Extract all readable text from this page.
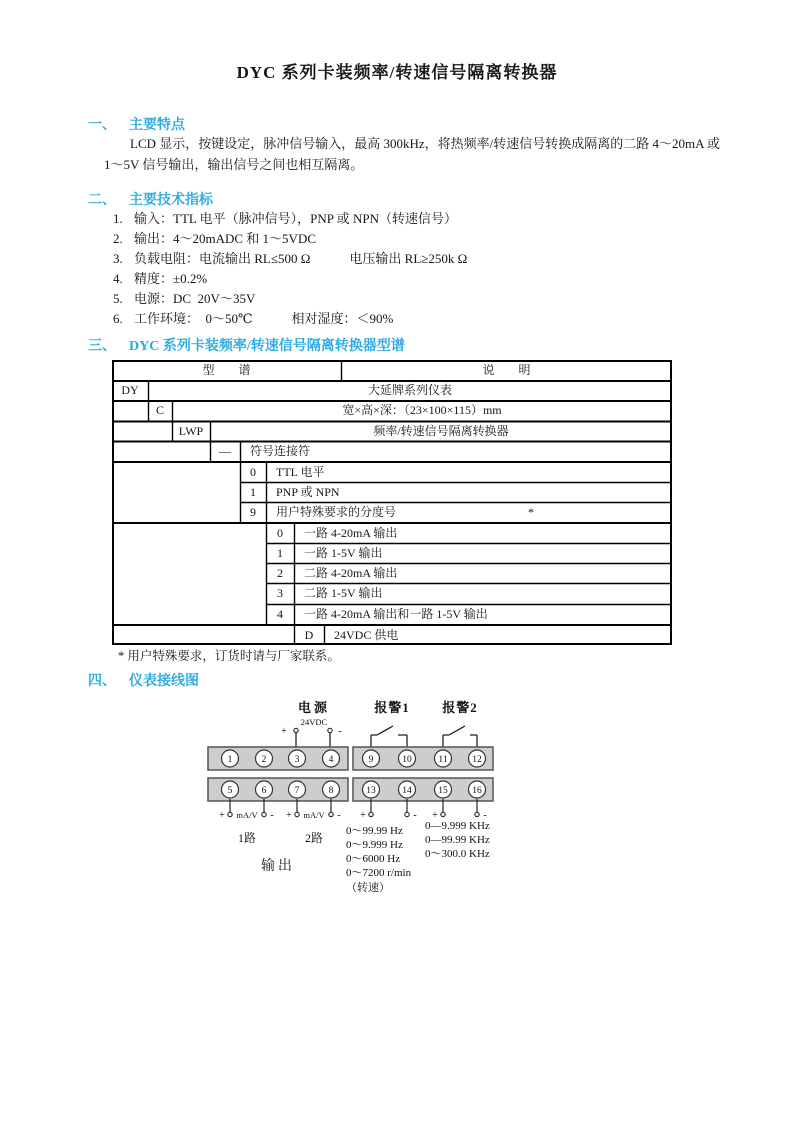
DYC 系列卡装频率/转速信号隔离转换器
一、 主要特点
LCD 显示，按键设定，脉冲信号输入，最高 300kHz，将热频率/转速信号转换成隔离的二路 4～20mA 或
1～5V 信号输出，输出信号之间也相互隔离。
二、 主要技术指标
1. 输入：TTL 电平（脉冲信号），PNP 或 NPN（转速信号）
2. 输出：4～20mADC 和 1～5VDC
3. 负载电阻：电流输出 RL≤500 Ω　　　电压输出 RL≥250k Ω
4. 精度：±0.2%
5. 电源：DC  20V～35V
6. 工作环境：  0～50℃　　　相对湿度：＜90%
三、 DYC 系列卡装频率/转速信号隔离转换器型谱
型　　谱	说　　明
DY	大延牌系列仪表
C	宽×高×深：（23×100×115）mm
LWP	频率/转速信号隔离转换器
—	符号连接符
0	TTL 电平
1	PNP 或 NPN
9	用户特殊要求的分度号	*
0	一路 4-20mA 输出
1	一路 1-5V 输出
2	二路 4-20mA 输出
3	二路 1-5V 输出
4	一路 4-20mA 输出和一路 1-5V 输出
D	24VDC 供电
* 用户特殊要求，订货时请与厂家联系。
四、 仪表接线图
电源	报警1 报警2
24VDC
+	-
1	2	3	4	9	10	11	12
5	6	7	8	13	14	15	16
+ mA/V - + mA/V - +	- +	-
1路	2路
输出
0～99.99 Hz
0～9.999 Hz
0～6000 Hz
0～7200 r/min
（转速）
0—9.999 KHz
0—99.99 KHz
0～300.0 KHz
